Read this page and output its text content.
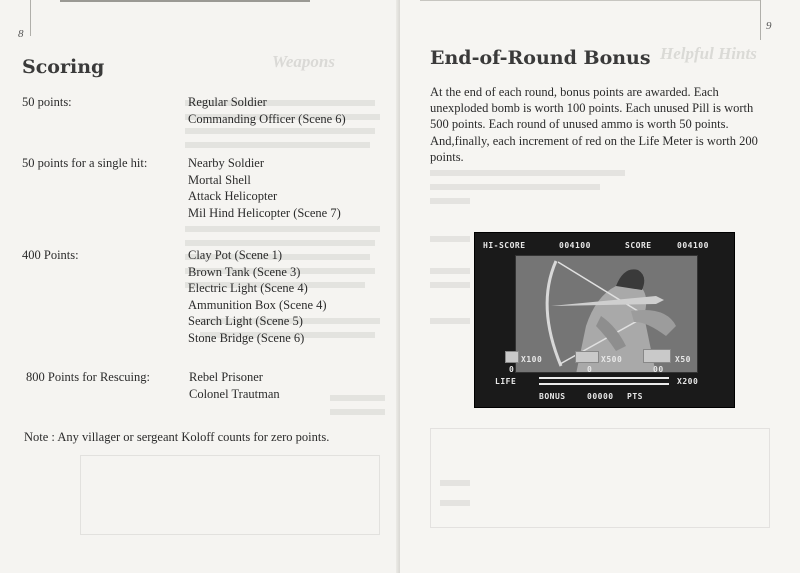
8
Weapons
Scoring
50 points:	Regular Soldier
Commanding Officer (Scene 6)
50 points for a single hit:	Nearby Soldier
Mortal Shell
Attack Helicopter
Mil Hind Helicopter (Scene 7)
400 Points:	Clay Pot (Scene 1)
Brown Tank (Scene 3)
Electric Light (Scene 4)
Ammunition Box (Scene 4)
Search Light (Scene 5)
Stone Bridge (Scene 6)
800 Points for Rescuing:	Rebel Prisoner
Colonel Trautman
Note : Any villager or sergeant Koloff counts for zero points.
9
Helpful Hints
End-of-Round Bonus
At the end of each round, bonus points are awarded. Each unexploded bomb is worth 100 points. Each unused Pill is worth 500 points. Each round of unused ammo is worth 50 points. And,finally, each increment of red on the Life Meter is worth 200 points.
HI-SCORE	004100	SCORE	004100
X100
0
X500
0
X50
00
LIFE	X200
BONUS	00000 PTS
